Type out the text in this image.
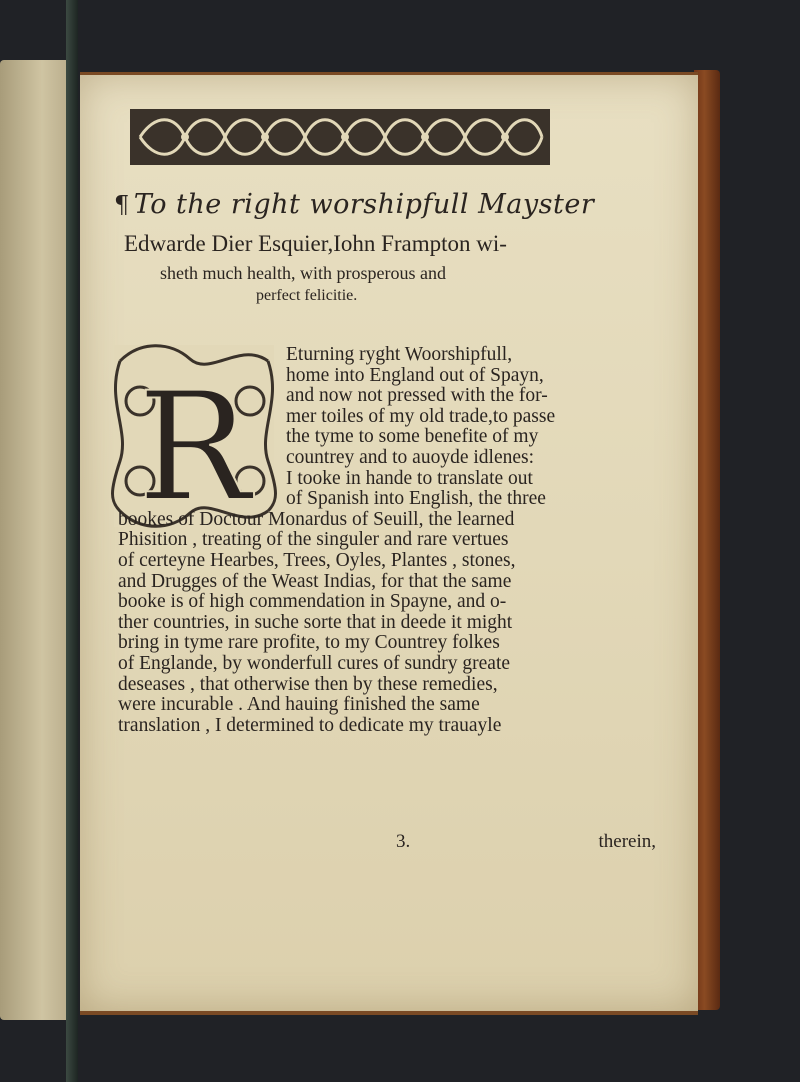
¶ To the right worshipfull Mayster
Edwarde Dier Esquier,Iohn Frampton wi-
sheth much health, with prosperous and
perfect felicitie.
R
Eturning ryght Woorshipfull,
home into England out of Spayn,
and now not pressed with the for-
mer toiles of my old trade,to passe
the tyme to some benefite of my
countrey and to auoyde idlenes:
I tooke in hande to translate out
of Spanish into English, the three
bookes of Doctour Monardus of Seuill, the learned
Phisition , treating of the singuler and rare vertues
of certeyne Hearbes, Trees, Oyles, Plantes , stones,
and Drugges of the Weast Indias, for that the same
booke is of high commendation in Spayne, and o-
ther countries, in suche sorte that in deede it might
bring in tyme rare profite, to my Countrey folkes
of Englande, by wonderfull cures of sundry greate
deseases , that otherwise then by these remedies,
were incurable . And hauing finished the same
translation , I determined to dedicate my trauayle
3.	therein,
